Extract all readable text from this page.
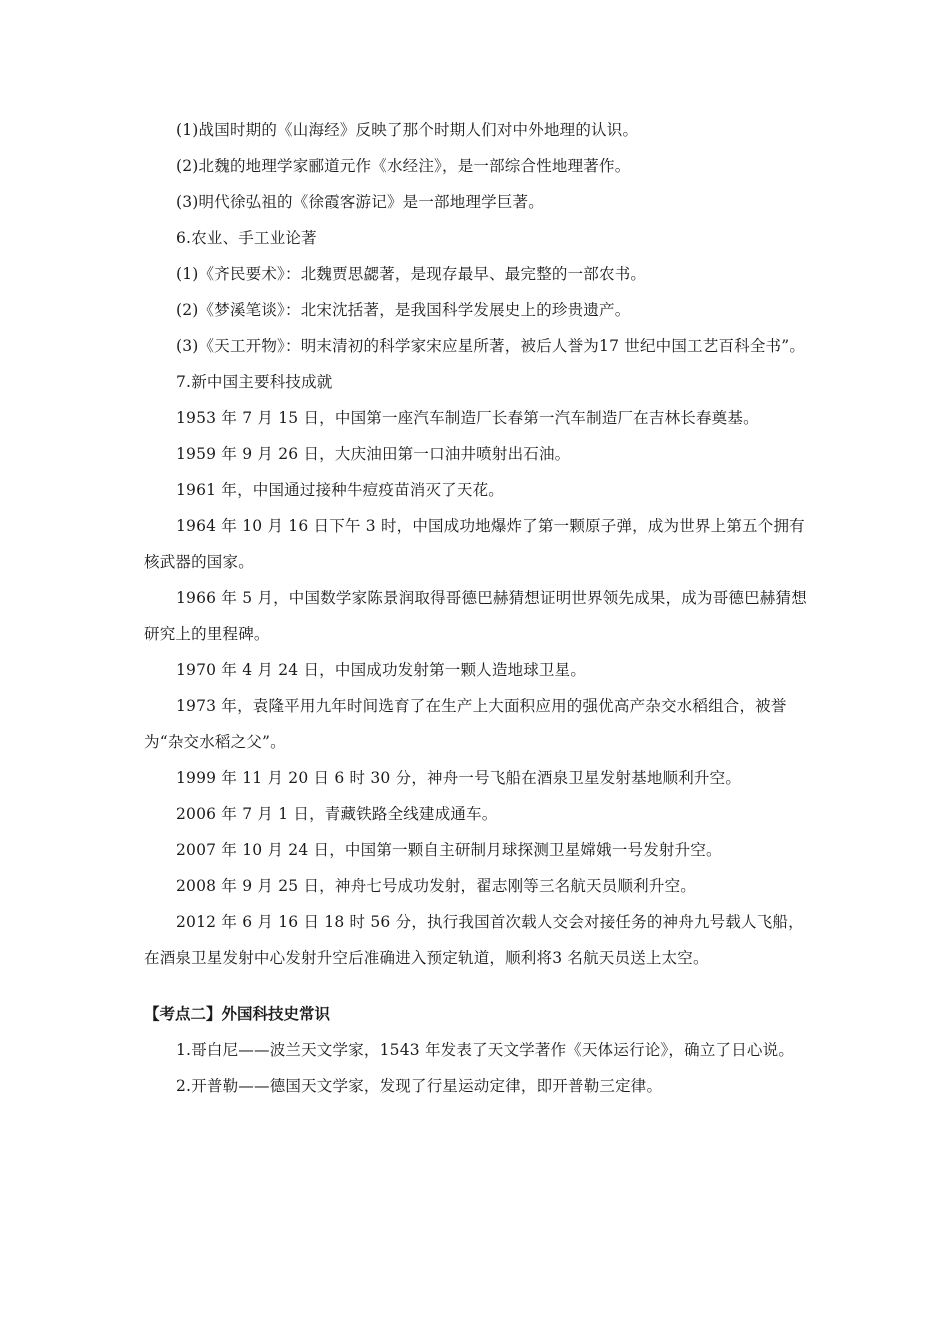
(1)战国时期的《山海经》反映了那个时期人们对中外地理的认识。

(2)北魏的地理学家郦道元作《水经注》，是一部综合性地理著作。

(3)明代徐弘祖的《徐霞客游记》是一部地理学巨著。

6.农业、手工业论著

(1)《齐民要术》：北魏贾思勰著，是现存最早、最完整的一部农书。

(2)《梦溪笔谈》：北宋沈括著，是我国科学发展史上的珍贵遗产。

(3)《天工开物》：明末清初的科学家宋应星所著，被后人誉为17 世纪中国工艺百科全书”。

7.新中国主要科技成就

1953 年 7 月 15 日，中国第一座汽车制造厂长春第一汽车制造厂在吉林长春奠基。

1959 年 9 月 26 日，大庆油田第一口油井喷射出石油。

1961 年，中国通过接种牛痘疫苗消灭了天花。

1964 年 10 月 16 日下午 3 时，中国成功地爆炸了第一颗原子弹，成为世界上第五个拥有核武器的国家。

1966 年 5 月，中国数学家陈景润取得哥德巴赫猜想证明世界领先成果，成为哥德巴赫猜想研究上的里程碑。

1970 年 4 月 24 日，中国成功发射第一颗人造地球卫星。

1973 年，袁隆平用九年时间选育了在生产上大面积应用的强优高产杂交水稻组合，被誉为“杂交水稻之父”。

1999 年 11 月 20 日 6 时 30 分，神舟一号飞船在酒泉卫星发射基地顺利升空。

2006 年 7 月 1 日，青藏铁路全线建成通车。

2007 年 10 月 24 日，中国第一颗自主研制月球探测卫星嫦娥一号发射升空。

2008 年 9 月 25 日，神舟七号成功发射，翟志刚等三名航天员顺利升空。

2012 年 6 月 16 日 18 时 56 分，执行我国首次载人交会对接任务的神舟九号载人飞船，在酒泉卫星发射中心发射升空后准确进入预定轨道，顺利将3 名航天员送上太空。

【考点二】外国科技史常识

1.哥白尼——波兰天文学家，1543 年发表了天文学著作《天体运行论》，确立了日心说。

2.开普勒——德国天文学家，发现了行星运动定律，即开普勒三定律。
